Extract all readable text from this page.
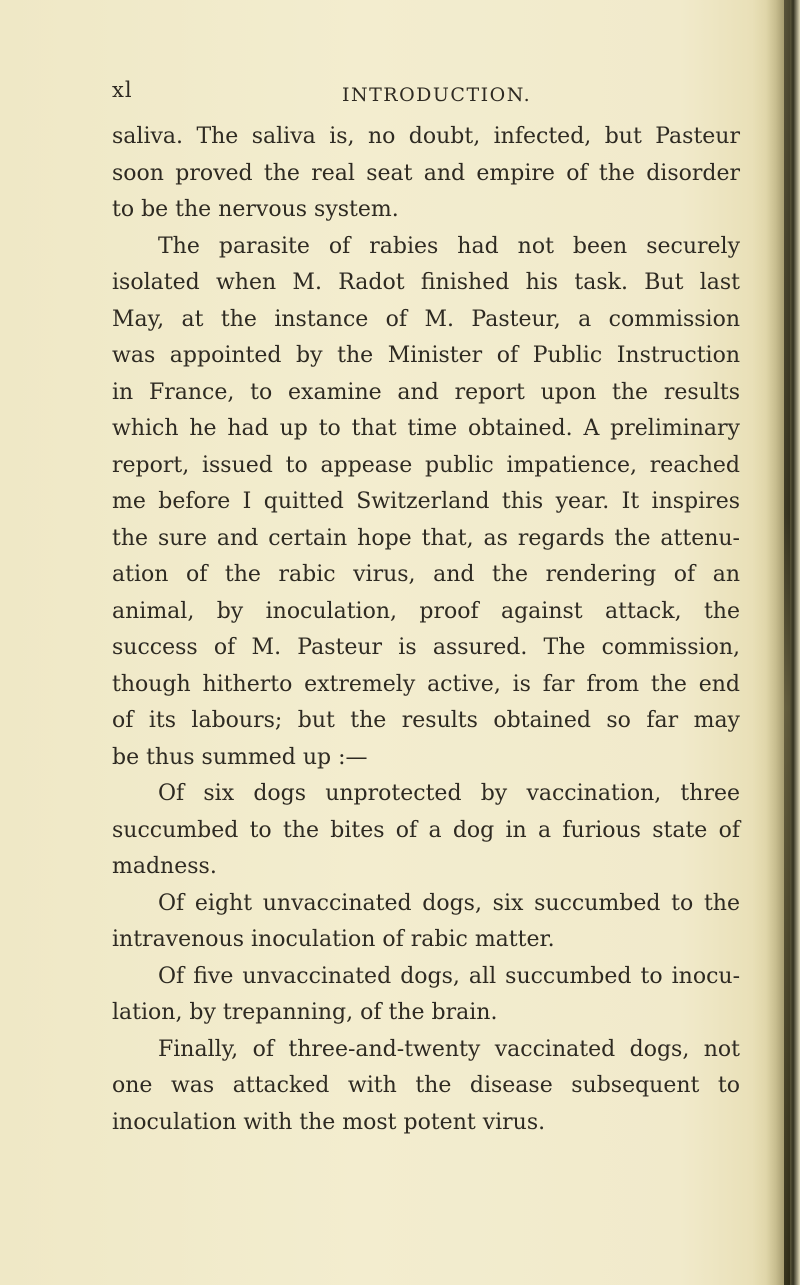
xl	INTRODUCTION.
saliva. The saliva is, no doubt, infected, but Pasteur
soon proved the real seat and empire of the disorder
to be the nervous system.
The parasite of rabies had not been securely
isolated when M. Radot finished his task. But last
May, at the instance of M. Pasteur, a commission
was appointed by the Minister of Public Instruction
in France, to examine and report upon the results
which he had up to that time obtained. A preliminary
report, issued to appease public impatience, reached
me before I quitted Switzerland this year. It inspires
the sure and certain hope that, as regards the attenu-
ation of the rabic virus, and the rendering of an
animal, by inoculation, proof against attack, the
success of M. Pasteur is assured. The commission,
though hitherto extremely active, is far from the end
of its labours; but the results obtained so far may
be thus summed up :—
Of six dogs unprotected by vaccination, three
succumbed to the bites of a dog in a furious state of
madness.
Of eight unvaccinated dogs, six succumbed to the
intravenous inoculation of rabic matter.
Of five unvaccinated dogs, all succumbed to inocu-
lation, by trepanning, of the brain.
Finally, of three-and-twenty vaccinated dogs, not
one was attacked with the disease subsequent to
inoculation with the most potent virus.
